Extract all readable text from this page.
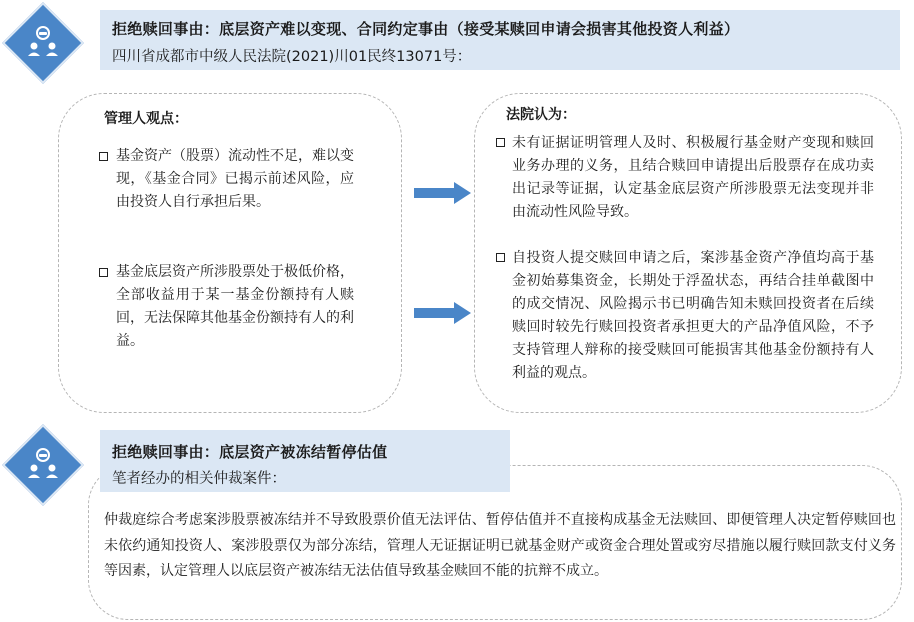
拒绝赎回事由：底层资产难以变现、合同约定事由（接受某赎回申请会损害其他投资人利益）
四川省成都市中级人民法院(2021)川01民终13071号：
管理人观点：
基金资产（股票）流动性不足，难以变现，《基金合同》已揭示前述风险，应由投资人自行承担后果。
基金底层资产所涉股票处于极低价格，全部收益用于某一基金份额持有人赎回，无法保障其他基金份额持有人的利益。
法院认为：
未有证据证明管理人及时、积极履行基金财产变现和赎回业务办理的义务，且结合赎回申请提出后股票存在成功卖出记录等证据，认定基金底层资产所涉股票无法变现并非由流动性风险导致。
自投资人提交赎回申请之后，案涉基金资产净值均高于基金初始募集资金，长期处于浮盈状态，再结合挂单截图中的成交情况、风险揭示书已明确告知未赎回投资者在后续赎回时较先行赎回投资者承担更大的产品净值风险，不予支持管理人辩称的接受赎回可能损害其他基金份额持有人利益的观点。
拒绝赎回事由：底层资产被冻结暂停估值
笔者经办的相关仲裁案件：
仲裁庭综合考虑案涉股票被冻结并不导致股票价值无法评估、暂停估值并不直接构成基金无法赎回、即便管理人决定暂停赎回也未依约通知投资人、案涉股票仅为部分冻结，管理人无证据证明已就基金财产或资金合理处置或穷尽措施以履行赎回款支付义务等因素，认定管理人以底层资产被冻结无法估值导致基金赎回不能的抗辩不成立。
